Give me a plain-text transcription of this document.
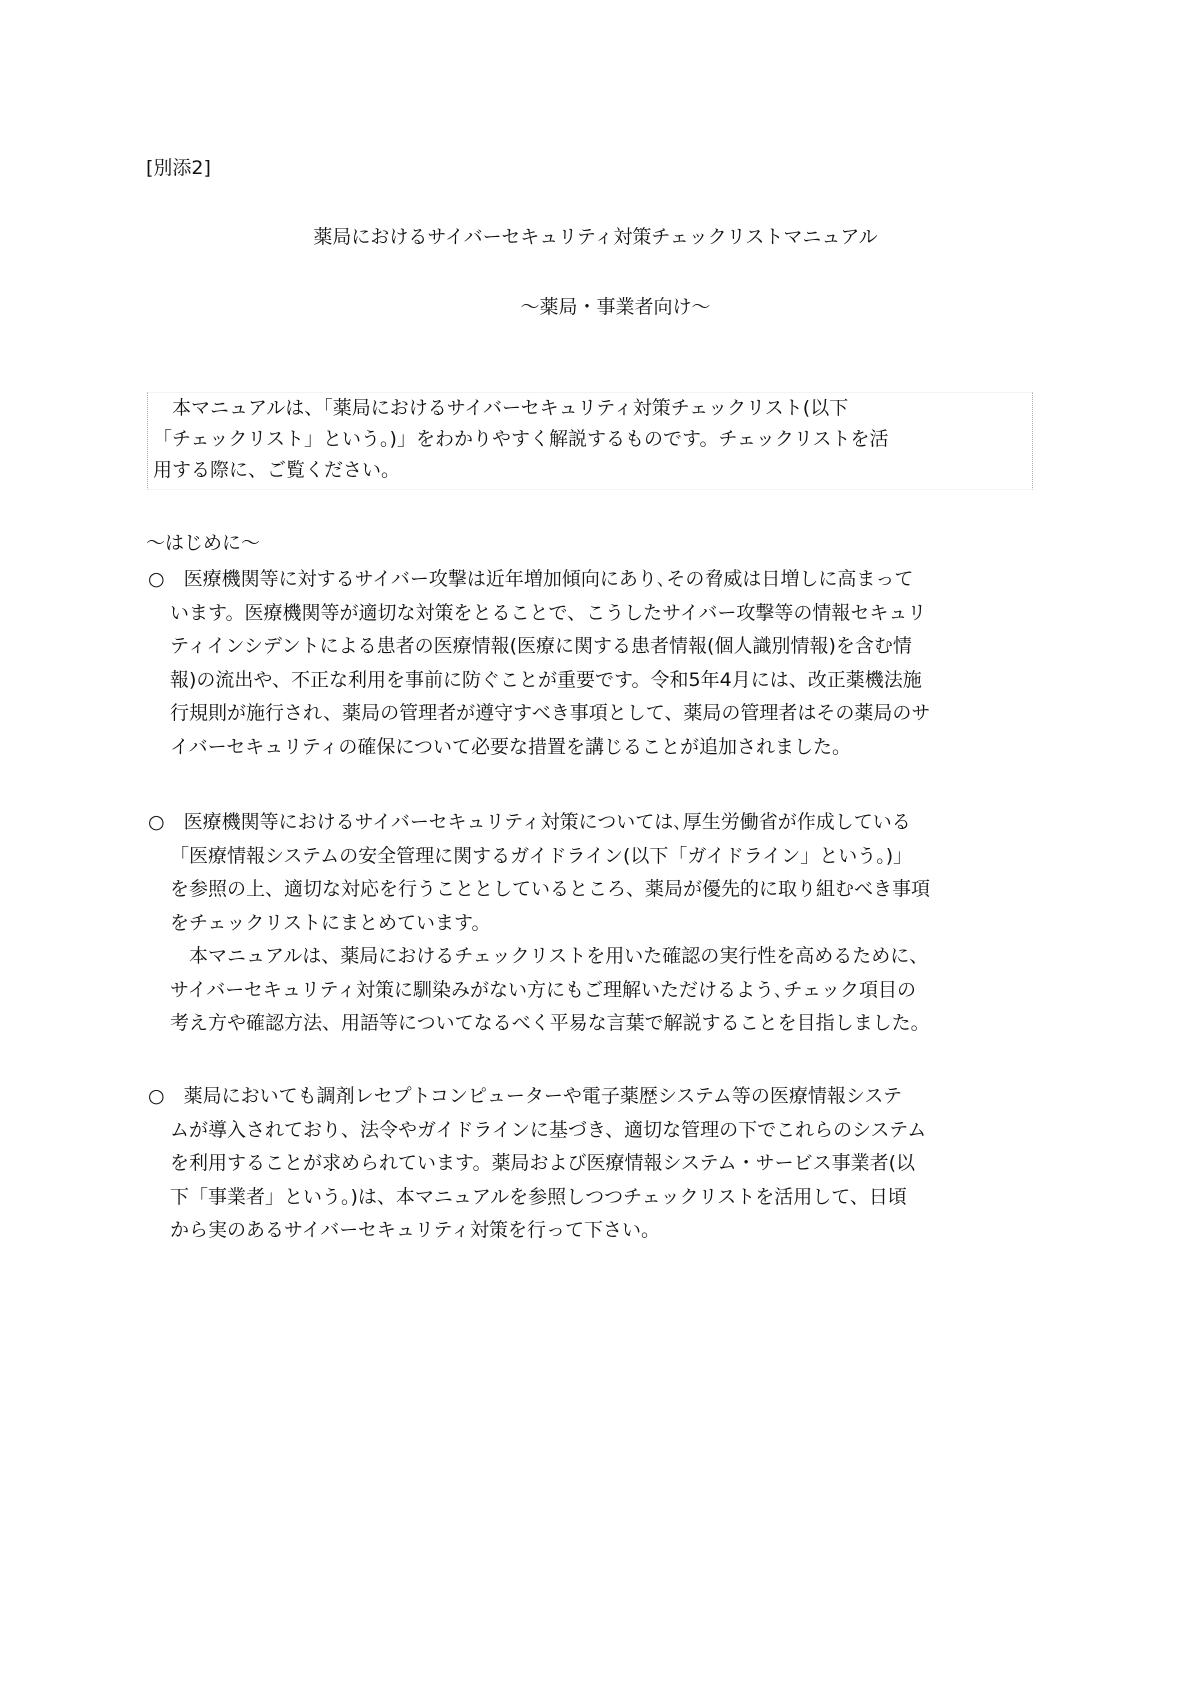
[別添2]
薬局におけるサイバーセキュリティ対策チェックリストマニュアル
〜薬局・事業者向け〜
　本マニュアルは、「薬局におけるサイバーセキュリティ対策チェックリスト(以下
「チェックリスト」という。)」をわかりやすく解説するものです。チェックリストを活
用する際に、ご覧ください。
〜はじめに〜
○　医療機関等に対するサイバー攻撃は近年増加傾向にあり､その脅威は日増しに高まって
います。医療機関等が適切な対策をとることで、こうしたサイバー攻撃等の情報セキュリ
ティインシデントによる患者の医療情報(医療に関する患者情報(個人識別情報)を含む情
報)の流出や、不正な利用を事前に防ぐことが重要です。令和5年4月には、改正薬機法施
行規則が施行され、薬局の管理者が遵守すべき事項として、薬局の管理者はその薬局のサ
イバーセキュリティの確保について必要な措置を講じることが追加されました。
○　医療機関等におけるサイバーセキュリティ対策については､厚生労働省が作成している
「医療情報システムの安全管理に関するガイドライン(以下「ガイドライン」という。)」
を参照の上、適切な対応を行うこととしているところ、薬局が優先的に取り組むべき事項
をチェックリストにまとめています。
　本マニュアルは、薬局におけるチェックリストを用いた確認の実行性を高めるために、
サイバーセキュリティ対策に馴染みがない方にもご理解いただけるよう､チェック項目の
考え方や確認方法、用語等についてなるべく平易な言葉で解説することを目指しました。
○　薬局においても調剤レセプトコンピューターや電子薬歴システム等の医療情報システ
ムが導入されており、法令やガイドラインに基づき、適切な管理の下でこれらのシステム
を利用することが求められています。薬局および医療情報システム・サービス事業者(以
下「事業者」という。)は、本マニュアルを参照しつつチェックリストを活用して、日頃
から実のあるサイバーセキュリティ対策を行って下さい。
